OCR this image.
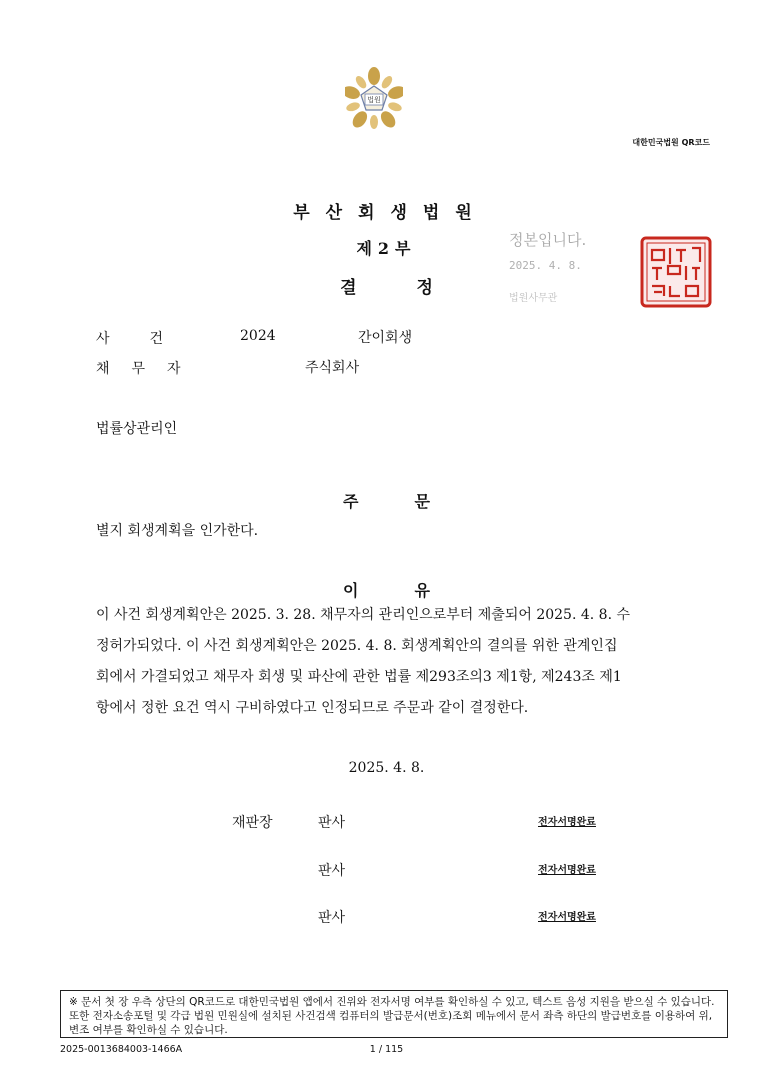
법원
대한민국법원 QR코드
부산회생법원
제2부
결정
정본입니다.
2025. 4. 8.
법원사무관
사건	2024	간이회생
채무자	주식회사
법률상관리인
주문
별지 회생계획을 인가한다.
이유
이 사건 회생계획안은 2025. 3. 28. 채무자의 관리인으로부터 제출되어 2025. 4. 8. 수
정허가되었다. 이 사건 회생계획안은 2025. 4. 8. 회생계획안의 결의를 위한 관계인집
회에서 가결되었고 채무자 회생 및 파산에 관한 법률 제293조의3 제1항, 제243조 제1
항에서 정한 요건 역시 구비하였다고 인정되므로 주문과 같이 결정한다.
2025. 4. 8.
재판장	판사	전자서명완료
판사	전자서명완료
판사	전자서명완료
※ 문서 첫 장 우측 상단의 QR코드로 대한민국법원 앱에서 진위와 전자서명 여부를 확인하실 수 있고, 텍스트 음성 지원을 받으실 수 있습니다. 또한 전자소송포털 및 각급 법원 민원실에 설치된 사건검색 컴퓨터의 발급문서(번호)조회 메뉴에서 문서 좌측 하단의 발급번호를 이용하여 위,변조 여부를 확인하실 수 있습니다.
2025-0013684003-1466A	1 / 115
